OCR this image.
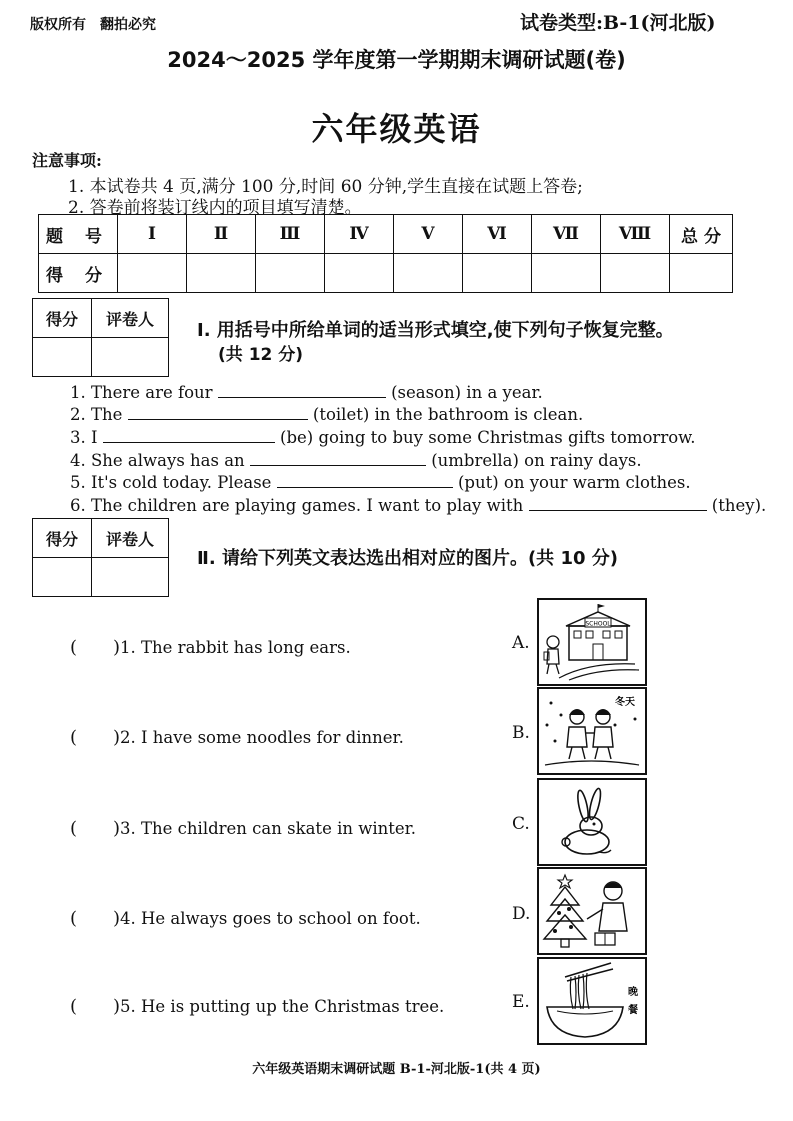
版权所有　翻拍必究	试卷类型:B-1(河北版)
2024～2025 学年度第一学期期末调研试题(卷)
六年级英语
注意事项:
1. 本试卷共 4 页,满分 100 分,时间 60 分钟,学生直接在试题上答卷;
2. 答卷前将装订线内的项目填写清楚。
题 号	Ⅰ	Ⅱ	Ⅲ	Ⅳ	Ⅴ	Ⅵ	Ⅶ	Ⅷ	总 分
得 分									
得分	评卷人

Ⅰ. 用括号中所给单词的适当形式填空,使下列句子恢复完整。
(共 12 分)
1. There are four	(season) in a year.
2. The	(toilet) in the bathroom is clean.
3. I	(be) going to buy some Christmas gifts tomorrow.
4. She always has an	(umbrella) on rainy days.
5. It's cold today. Please	(put) on your warm clothes.
6. The children are playing games. I want to play with	(they).
得分	评卷人

Ⅱ. 请给下列英文表达选出相对应的图片。(共 10 分)
(　　)1. The rabbit has long ears.
(　　)2. I have some noodles for dinner.
(　　)3. The children can skate in winter.
(　　)4. He always goes to school on foot.
(　　)5. He is putting up the Christmas tree.
A.
B.
C.
D.
E.
SCHOOL
冬天
晚
餐
六年级英语期末调研试题 B-1-河北版-1(共 4 页)
